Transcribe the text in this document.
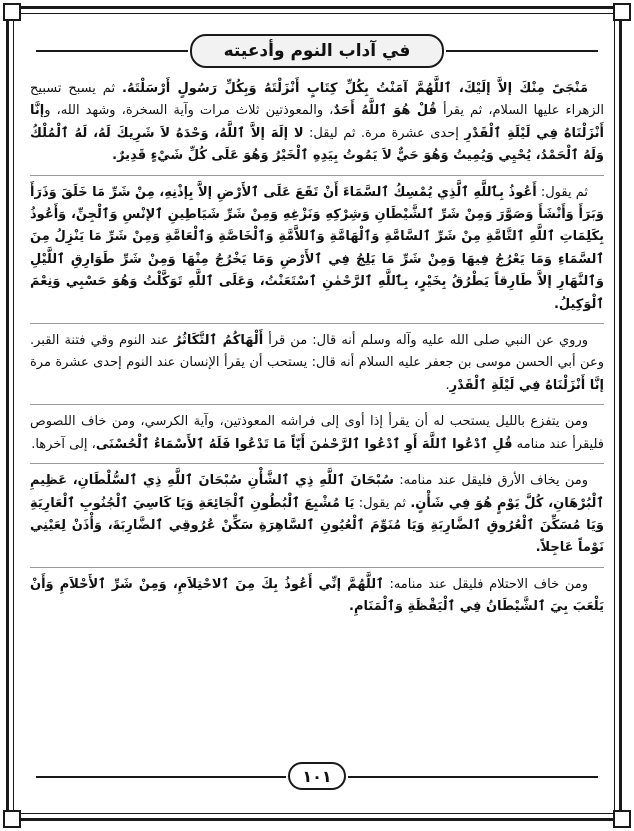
في آداب النوم وأدعيته

مَنْجَىً مِنْكَ إلاَّ إلَيْكَ، ٱللَّهُمَّ آمَنْتُ بِكُلِّ كِتَابٍ أَنْزَلْتَهُ وَبِكُلِّ رَسُولٍ أَرْسَلْتَهُ. ثم يسبح تسبيح الزهراء عليها السلام، ثم يقرأ قُلْ هُوَ ٱللَّهُ أَحَدٌ، والمعوذتين ثلاث مرات وآية السخرة، وشهد الله، وإنَّا أَنْزَلْنَاهُ فِي لَيْلَةِ ٱلْقَدْرِ إحدى عشرة مرة. ثم ليقل: لا إلَهَ إلاَّ ٱللَّهُ، وَحْدَهُ لاَ شَرِيكَ لَهُ، لَهُ ٱلْمُلْكُ وَلَهُ ٱلْحَمْدُ، يُحْيِي وَيُمِيتُ وَهُوَ حَيٌّ لاَ يَمُوتُ بِيَدِهِ ٱلْخَيْرُ وَهُوَ عَلَى كُلِّ شَيْءٍ قَدِيرٌ.

ثم يقول: أَعُوذُ بِٱللَّهِ ٱلَّذِي يُمْسِكُ ٱلسَّمَاءَ أَنْ تَقَعَ عَلَى ٱلأَرْضِ إلاَّ بِإذْنِهِ، مِنْ شَرِّ مَا خَلَقَ وَذَرَأَ وَبَرَأَ وَأَنْشَأَ وَصَوَّرَ وَمِنْ شَرِّ ٱلشَّيْطَانِ وَشِرْكِهِ وَنَزْغِهِ وَمِنْ شَرِّ شَيَاطِينِ ٱلإنْسِ وَٱلْجِنِّ، وَأَعُوذُ بِكَلِمَاتِ ٱللَّهِ ٱلتَّامَّةِ مِنْ شَرِّ ٱلسَّامَّةِ وَٱلْهَامَّةِ وَٱللاَّمَّةِ وَٱلْخَاصَّةِ وَٱلْعَامَّةِ وَمِنْ شَرِّ مَا يَنْزِلُ مِنَ ٱلسَّمَاءِ وَمَا يَعْرُجُ فِيهَا وَمِنْ شَرِّ مَا يَلِجُ فِي ٱلأَرْضِ وَمَا يَخْرُجُ مِنْهَا وَمِنْ شَرِّ طَوَارِقِ ٱللَّيْلِ وَٱلنَّهَارِ إلاَّ طَارِقاً يَطْرُقُ بِخَيْرٍ، بِٱللَّهِ ٱلرَّحْمٰنِ ٱسْتَعَنْتُ، وَعَلَى ٱللَّهِ تَوَكَّلْتُ وَهُوَ حَسْبِي وَنِعْمَ ٱلْوَكِيلُ.

وروي عن النبي صلى الله عليه وآله وسلم أنه قال: من قرأ أَلْهَاكُمُ ٱلتَّكَاثُرُ عند النوم وقي فتنة القبر. وعن أبي الحسن موسى بن جعفر عليه السلام أنه قال: يستحب أن يقرأ الإنسان عند النوم إحدى عشرة مرة إنَّا أَنْزَلْنَاهُ فِي لَيْلَةِ ٱلْقَدْرِ.

ومن يتفزع بالليل يستحب له أن يقرأ إذا أوى إلى فراشه المعوذتين، وآية الكرسي، ومن خاف اللصوص فليقرأ عند منامه قُلِ ٱدْعُوا ٱللَّهَ أَوِ ٱدْعُوا ٱلرَّحْمٰنَ أَيّاً مَا تَدْعُوا فَلَهُ ٱلأَسْمَاءُ ٱلْحُسْنَى، إلى آخرها.

ومن يخاف الأرق فليقل عند منامه: سُبْحَانَ ٱللَّهِ ذِي ٱلشَّأْنِ سُبْحَانَ ٱللَّهِ ذِي ٱلسُّلْطَانِ، عَظِيمِ ٱلْبُرْهَانِ، كُلَّ يَوْمٍ هُوَ فِي شَأْنٍ. ثم يقول: يَا مُشْبِعَ ٱلْبُطُونِ ٱلْجَائِعَةِ وَيَا كَاسِيَ ٱلْجُنُوبِ ٱلْعَارِيَةِ وَيَا مُسَكِّنَ ٱلْعُرُوقِ ٱلضَّارِبَةِ وَيَا مُنَوِّمَ ٱلْعُيُونِ ٱلسَّاهِرَةِ سَكِّنْ عُرُوقِي ٱلضَّارِبَةَ، وَأْذَنْ لِعَيْنِي نَوْماً عَاجِلاً.

ومن خاف الاحتلام فليقل عند منامه: ٱللَّهُمَّ إنِّي أَعُوذُ بِكَ مِنَ ٱلاحْتِلاَمِ، وَمِنْ شَرِّ ٱلأَحْلاَمِ وَأَنْ يَلْعَبَ بِيَ ٱلشَّيْطَانُ فِي ٱلْيَقْظَةِ وَٱلْمَنَامِ.

١٠١
